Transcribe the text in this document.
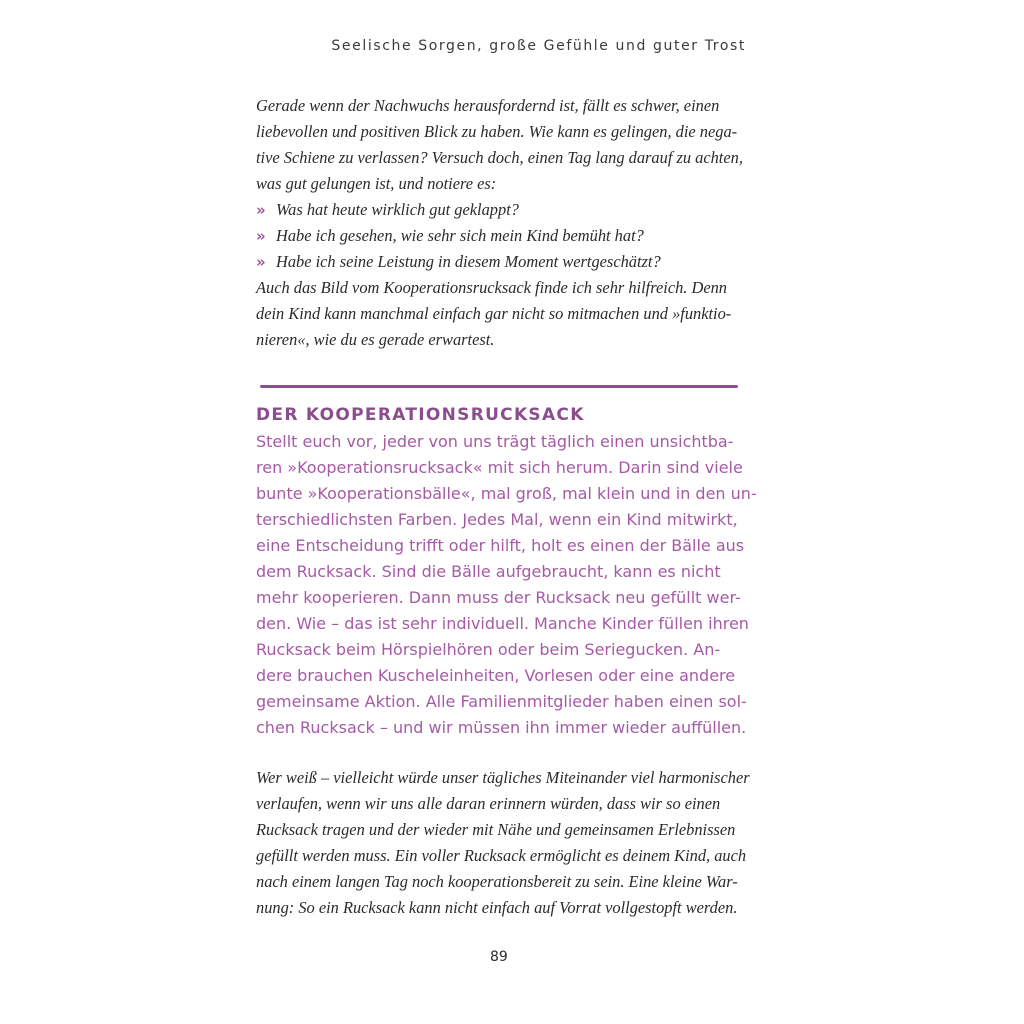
Seelische Sorgen, große Gefühle und guter Trost
Gerade wenn der Nachwuchs herausfordernd ist, fällt es schwer, einen
liebevollen und positiven Blick zu haben. Wie kann es gelingen, die nega-
tive Schiene zu verlassen? Versuch doch, einen Tag lang darauf zu achten,
was gut gelungen ist, und notiere es:
» Was hat heute wirklich gut geklappt?
» Habe ich gesehen, wie sehr sich mein Kind bemüht hat?
» Habe ich seine Leistung in diesem Moment wertgeschätzt?
Auch das Bild vom Kooperationsrucksack finde ich sehr hilfreich. Denn
dein Kind kann manchmal einfach gar nicht so mitmachen und »funktio-
nieren«, wie du es gerade erwartest.
DER KOOPERATIONSRUCKSACK
Stellt euch vor, jeder von uns trägt täglich einen unsichtba-
ren »Kooperationsrucksack« mit sich herum. Darin sind viele
bunte »Kooperationsbälle«, mal groß, mal klein und in den un-
terschiedlichsten Farben. Jedes Mal, wenn ein Kind mitwirkt,
eine Entscheidung trifft oder hilft, holt es einen der Bälle aus
dem Rucksack. Sind die Bälle aufgebraucht, kann es nicht
mehr kooperieren. Dann muss der Rucksack neu gefüllt wer-
den. Wie – das ist sehr individuell. Manche Kinder füllen ihren
Rucksack beim Hörspielhören oder beim Seriegucken. An-
dere brauchen Kuscheleinheiten, Vorlesen oder eine andere
gemeinsame Aktion. Alle Familienmitglieder haben einen sol-
chen Rucksack – und wir müssen ihn immer wieder auffüllen.
Wer weiß – vielleicht würde unser tägliches Miteinander viel harmonischer
verlaufen, wenn wir uns alle daran erinnern würden, dass wir so einen
Rucksack tragen und der wieder mit Nähe und gemeinsamen Erlebnissen
gefüllt werden muss. Ein voller Rucksack ermöglicht es deinem Kind, auch
nach einem langen Tag noch kooperationsbereit zu sein. Eine kleine War-
nung: So ein Rucksack kann nicht einfach auf Vorrat vollgestopft werden.
89
